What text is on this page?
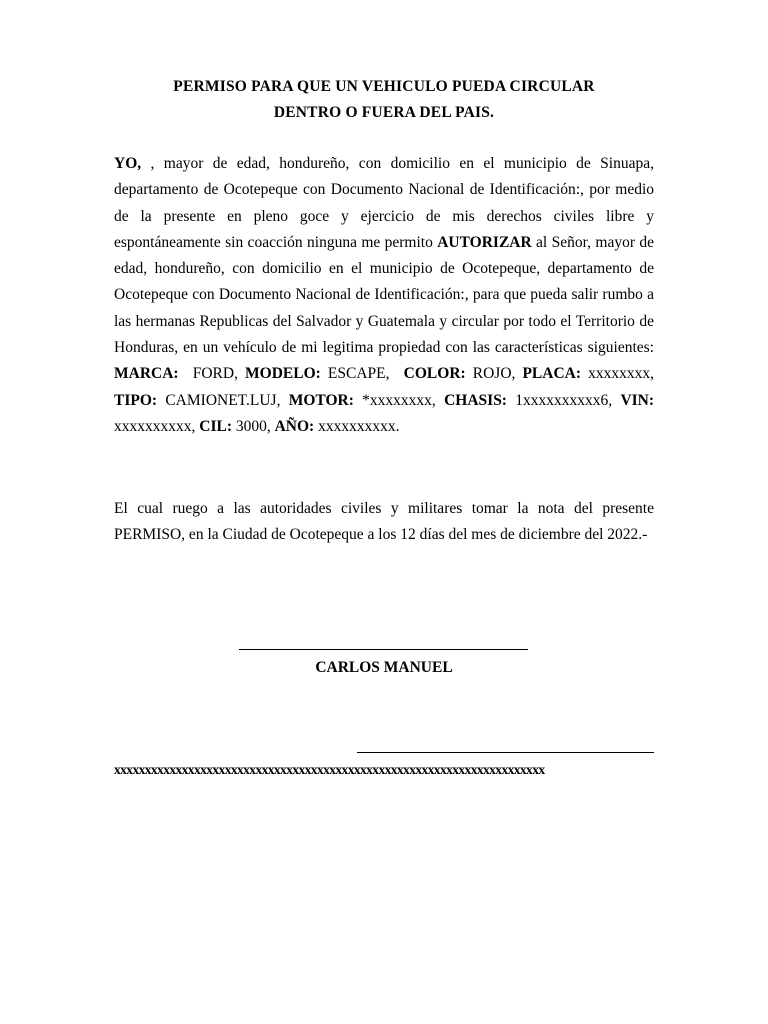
PERMISO PARA QUE UN VEHICULO PUEDA CIRCULAR
DENTRO O FUERA DEL PAIS.
YO, , mayor de edad, hondureño, con domicilio en el municipio de Sinuapa, departamento de Ocotepeque con Documento Nacional de Identificación:, por medio de la presente en pleno goce y ejercicio de mis derechos civiles libre y espontáneamente sin coacción ninguna me permito AUTORIZAR al Señor, mayor de edad, hondureño, con domicilio en el municipio de Ocotepeque, departamento de Ocotepeque con Documento Nacional de Identificación:, para que pueda salir rumbo a las hermanas Republicas del Salvador y Guatemala y circular por todo el Territorio de Honduras, en un vehículo de mi legitima propiedad con las características siguientes: MARCA:  FORD, MODELO: ESCAPE,  COLOR: ROJO, PLACA: xxxxxxxx, TIPO: CAMIONET.LUJ, MOTOR: *xxxxxxxx, CHASIS: 1xxxxxxxxxx6, VIN: xxxxxxxxxx, CIL: 3000, AÑO: xxxxxxxxxx.
El cual ruego a las autoridades civiles y militares tomar la nota del presente PERMISO, en la Ciudad de Ocotepeque a los 12 días del mes de diciembre del 2022.-
CARLOS MANUEL
xxxxxxxxxxxxxxxxxxxxxxxxxxxxxxxxxxxxxxxxxxxxxxxxxxxxxxxxxxxxxxxxxxxxxx
